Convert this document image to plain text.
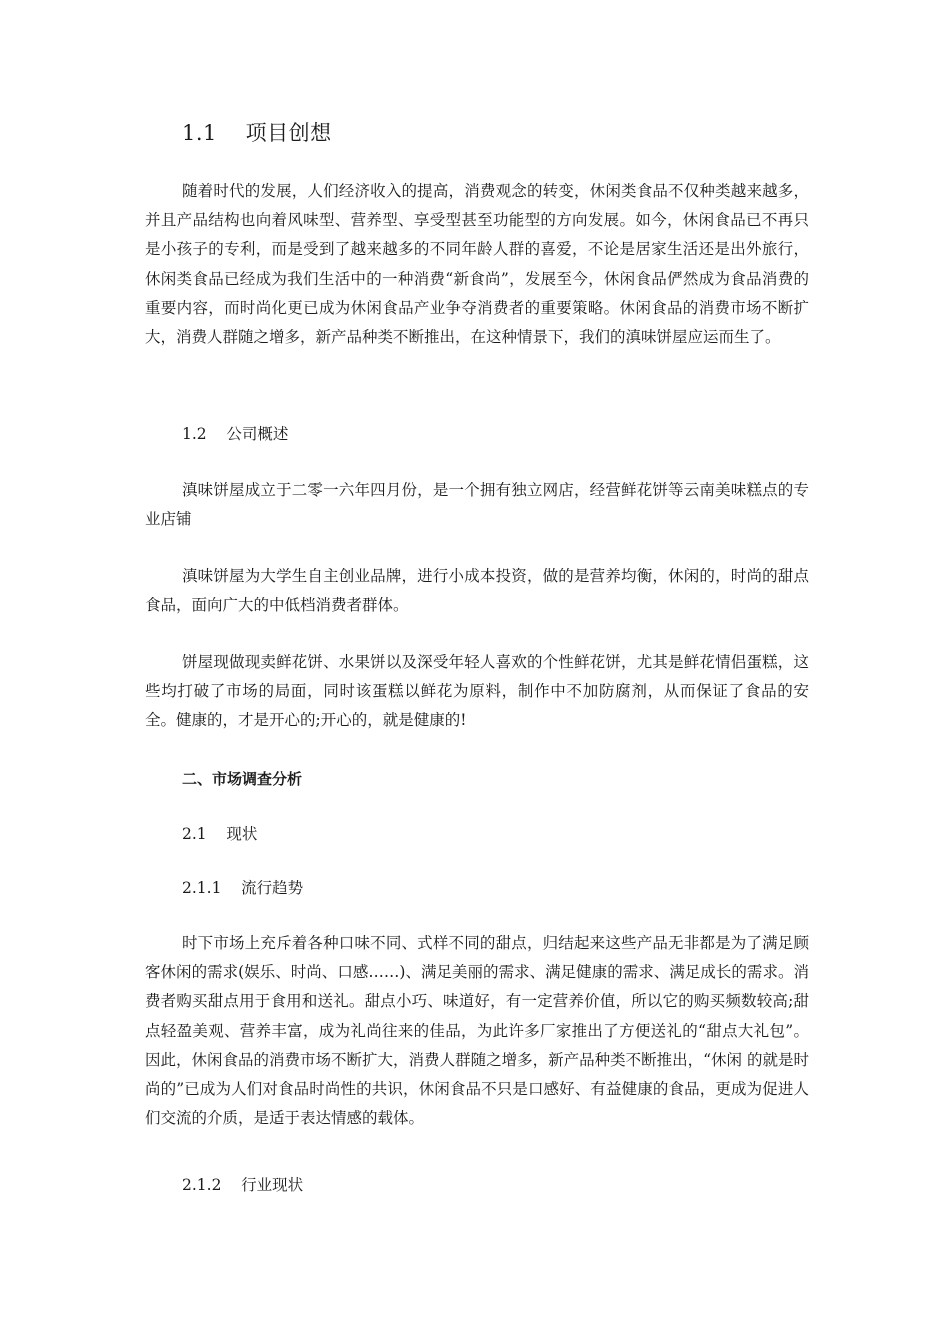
1.1    项目创想

随着时代的发展，人们经济收入的提高，消费观念的转变，休闲类食品不仅种类越来越多，并且产品结构也向着风味型、营养型、享受型甚至功能型的方向发展。如今，休闲食品已不再只是小孩子的专利，而是受到了越来越多的不同年龄人群的喜爱，不论是居家生活还是出外旅行，休闲类食品已经成为我们生活中的一种消费“新食尚”，发展至今，休闲食品俨然成为食品消费的重要内容，而时尚化更已成为休闲食品产业争夺消费者的重要策略。休闲食品的消费市场不断扩大，消费人群随之增多，新产品种类不断推出，在这种情景下，我们的滇味饼屋应运而生了。

1.2    公司概述

滇味饼屋成立于二零一六年四月份，是一个拥有独立网店，经营鲜花饼等云南美味糕点的专业店铺

滇味饼屋为大学生自主创业品牌，进行小成本投资，做的是营养均衡，休闲的，时尚的甜点食品，面向广大的中低档消费者群体。

饼屋现做现卖鲜花饼、水果饼以及深受年轻人喜欢的个性鲜花饼，尤其是鲜花情侣蛋糕，这些均打破了市场的局面，同时该蛋糕以鲜花为原料，制作中不加防腐剂，从而保证了食品的安全。健康的，才是开心的;开心的，就是健康的!

二、市场调查分析
2.1    现状
2.1.1    流行趋势

时下市场上充斥着各种口味不同、式样不同的甜点，归结起来这些产品无非都是为了满足顾客休闲的需求(娱乐、时尚、口感……)、满足美丽的需求、满足健康的需求、满足成长的需求。消费者购买甜点用于食用和送礼。甜点小巧、味道好，有一定营养价值，所以它的购买频数较高;甜点轻盈美观、营养丰富，成为礼尚往来的佳品，为此许多厂家推出了方便送礼的“甜点大礼包”。因此，休闲食品的消费市场不断扩大，消费人群随之增多，新产品种类不断推出，“休闲 的就是时尚的”已成为人们对食品时尚性的共识，休闲食品不只是口感好、有益健康的食品，更成为促进人们交流的介质，是适于表达情感的载体。

2.1.2    行业现状
